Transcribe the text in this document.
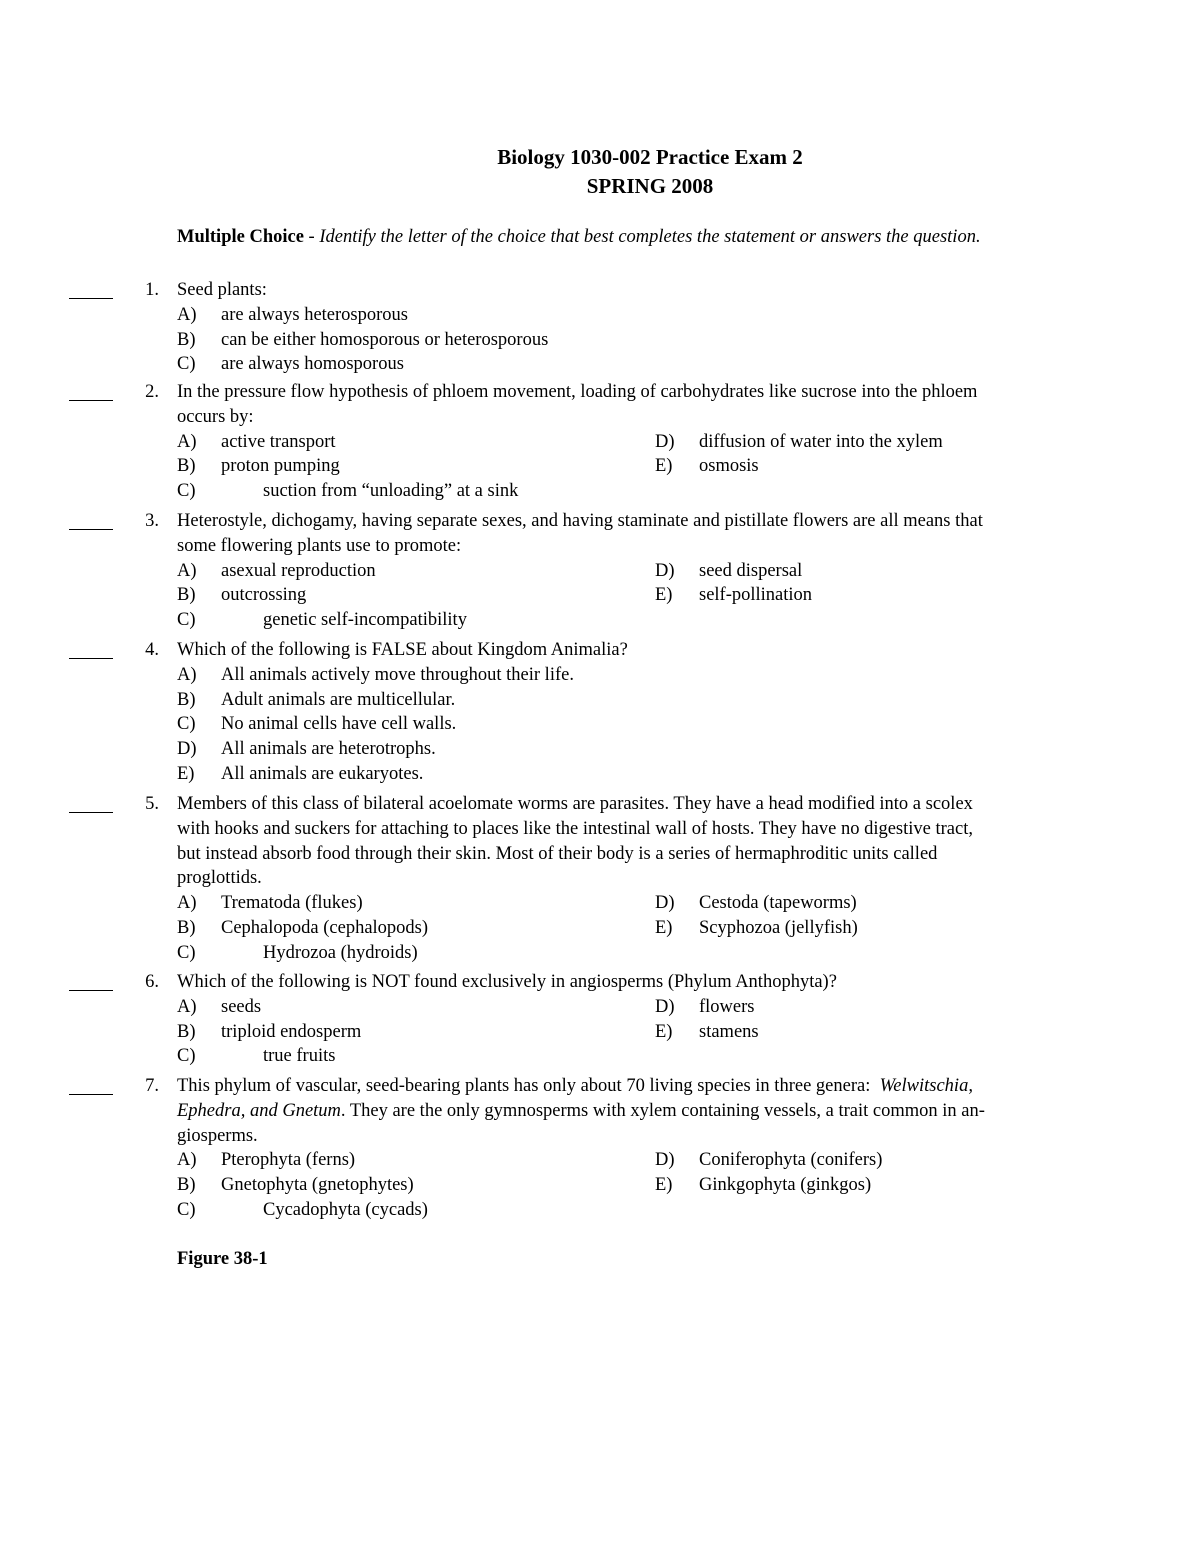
Biology 1030-002 Practice Exam 2
SPRING 2008
Multiple Choice - Identify the letter of the choice that best completes the statement or answers the question.
1. Seed plants:
A) are always heterosporous
B) can be either homosporous or heterosporous
C) are always homosporous
2. In the pressure flow hypothesis of phloem movement, loading of carbohydrates like sucrose into the phloem
occurs by:
A) active transport
B) proton pumping
C)	suction from “unloading” at a sink
D) diffusion of water into the xylem
E) osmosis
3. Heterostyle, dichogamy, having separate sexes, and having staminate and pistillate flowers are all means that
some flowering plants use to promote:
A) asexual reproduction
B) outcrossing
C)	genetic self-incompatibility
D) seed dispersal
E) self-pollination
4. Which of the following is FALSE about Kingdom Animalia?
A) All animals actively move throughout their life.
B) Adult animals are multicellular.
C) No animal cells have cell walls.
D) All animals are heterotrophs.
E) All animals are eukaryotes.
5. Members of this class of bilateral acoelomate worms are parasites. They have a head modified into a scolex
with hooks and suckers for attaching to places like the intestinal wall of hosts. They have no digestive tract,
but instead absorb food through their skin. Most of their body is a series of hermaphroditic units called
proglottids.
A) Trematoda (flukes)
B) Cephalopoda (cephalopods)
C)	Hydrozoa (hydroids)
D) Cestoda (tapeworms)
E) Scyphozoa (jellyfish)
6. Which of the following is NOT found exclusively in angiosperms (Phylum Anthophyta)?
A) seeds
B) triploid endosperm
C)	true fruits
D) flowers
E) stamens
7. This phylum of vascular, seed-bearing plants has only about 70 living species in three genera: Welwitschia,
Ephedra, and Gnetum. They are the only gymnosperms with xylem containing vessels, a trait common in an-
giosperms.
A) Pterophyta (ferns)
B) Gnetophyta (gnetophytes)
C)	Cycadophyta (cycads)
D) Coniferophyta (conifers)
E) Ginkgophyta (ginkgos)
Figure 38-1
